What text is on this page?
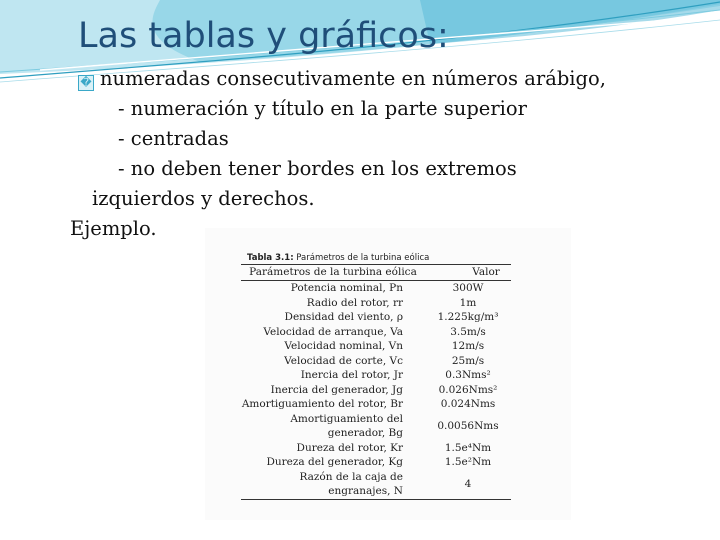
Las tablas y gráficos:
� numeradas consecutivamente en números arábigo,
- numeración y título en la parte superior
- centradas
- no deben tener bordes en los extremos
izquierdos y derechos.
Ejemplo.
Tabla 3.1: Parámetros de la turbina eólica
Parámetros de la turbina eólica	Valor
Potencia nominal, Pn	300W
Radio del rotor, rr	1m
Densidad del viento, ρ	1.225kg/m³
Velocidad de arranque, Va	3.5m/s
Velocidad nominal, Vn	12m/s
Velocidad de corte, Vc	25m/s
Inercia del rotor, Jr	0.3Nms²
Inercia del generador, Jg	0.026Nms²
Amortiguamiento del rotor, Br	0.024Nms
Amortiguamiento del generador, Bg	0.0056Nms
Dureza del rotor, Kr	1.5e⁴Nm
Dureza del generador, Kg	1.5e²Nm
Razón de la caja de engranajes, N	4
